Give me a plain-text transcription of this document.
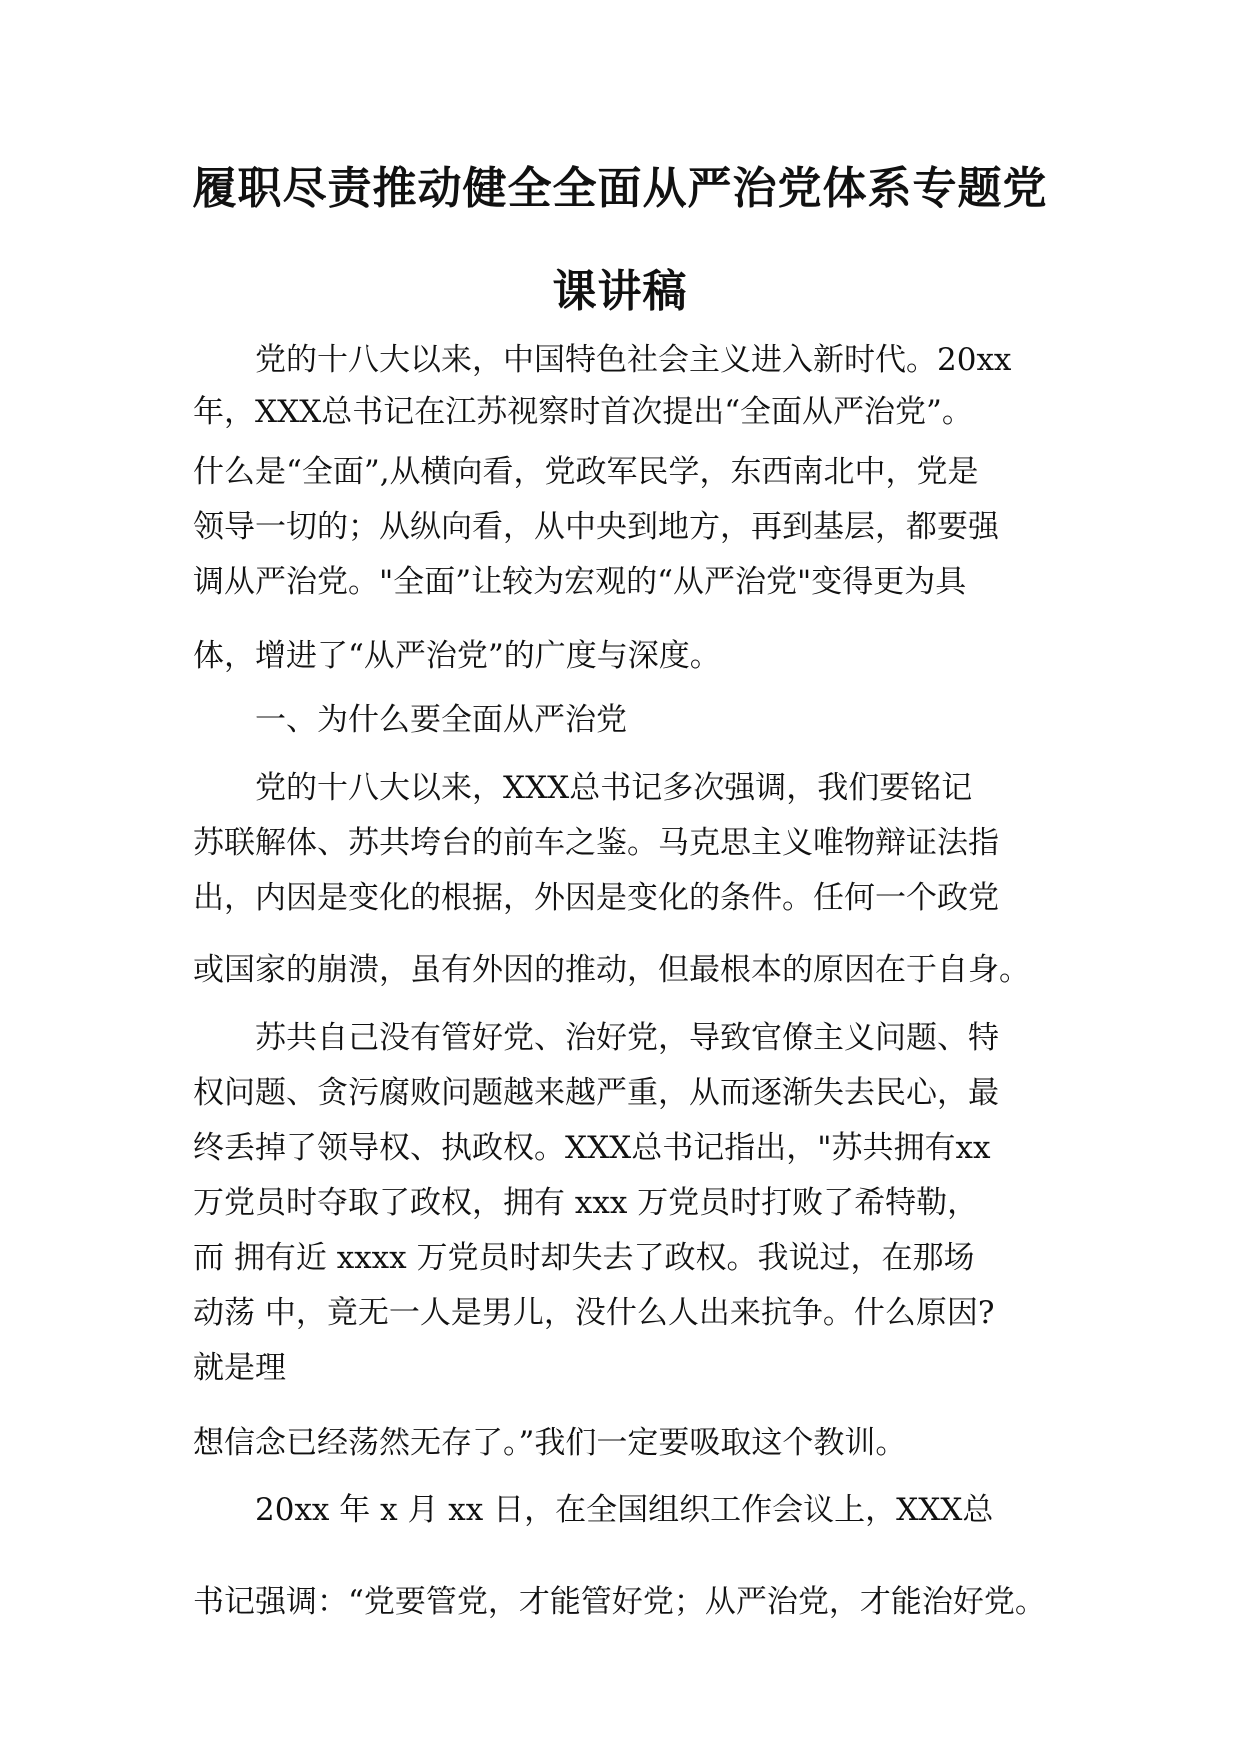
履职尽责推动健全全面从严治党体系专题党
课讲稿
党的十八大以来，中国特色社会主义进入新时代。20xx
年，XXX总书记在江苏视察时首次提出“全面从严治党”。
什么是“全面”,从横向看，党政军民学，东西南北中，党是
领导一切的；从纵向看，从中央到地方，再到基层，都要强
调从严治党。"全面”让较为宏观的“从严治党"变得更为具
体，增进了“从严治党”的广度与深度。
一、为什么要全面从严治党
党的十八大以来，XXX总书记多次强调，我们要铭记
苏联解体、苏共垮台的前车之鉴。马克思主义唯物辩证法指
出，内因是变化的根据，外因是变化的条件。任何一个政党
或国家的崩溃，虽有外因的推动，但最根本的原因在于自身。
苏共自己没有管好党、治好党，导致官僚主义问题、特
权问题、贪污腐败问题越来越严重，从而逐渐失去民心，最
终丢掉了领导权、执政权。XXX总书记指出，"苏共拥有xx
万党员时夺取了政权，拥有 xxx 万党员时打败了希特勒，
而 拥有近 xxxx 万党员时却失去了政权。我说过，在那场
动荡 中，竟无一人是男儿，没什么人出来抗争。什么原因?
就是理
想信念已经荡然无存了。”我们一定要吸取这个教训。
20xx 年 x 月 xx 日，在全国组织工作会议上，XXX总
书记强调：“党要管党，才能管好党；从严治党，才能治好党。
